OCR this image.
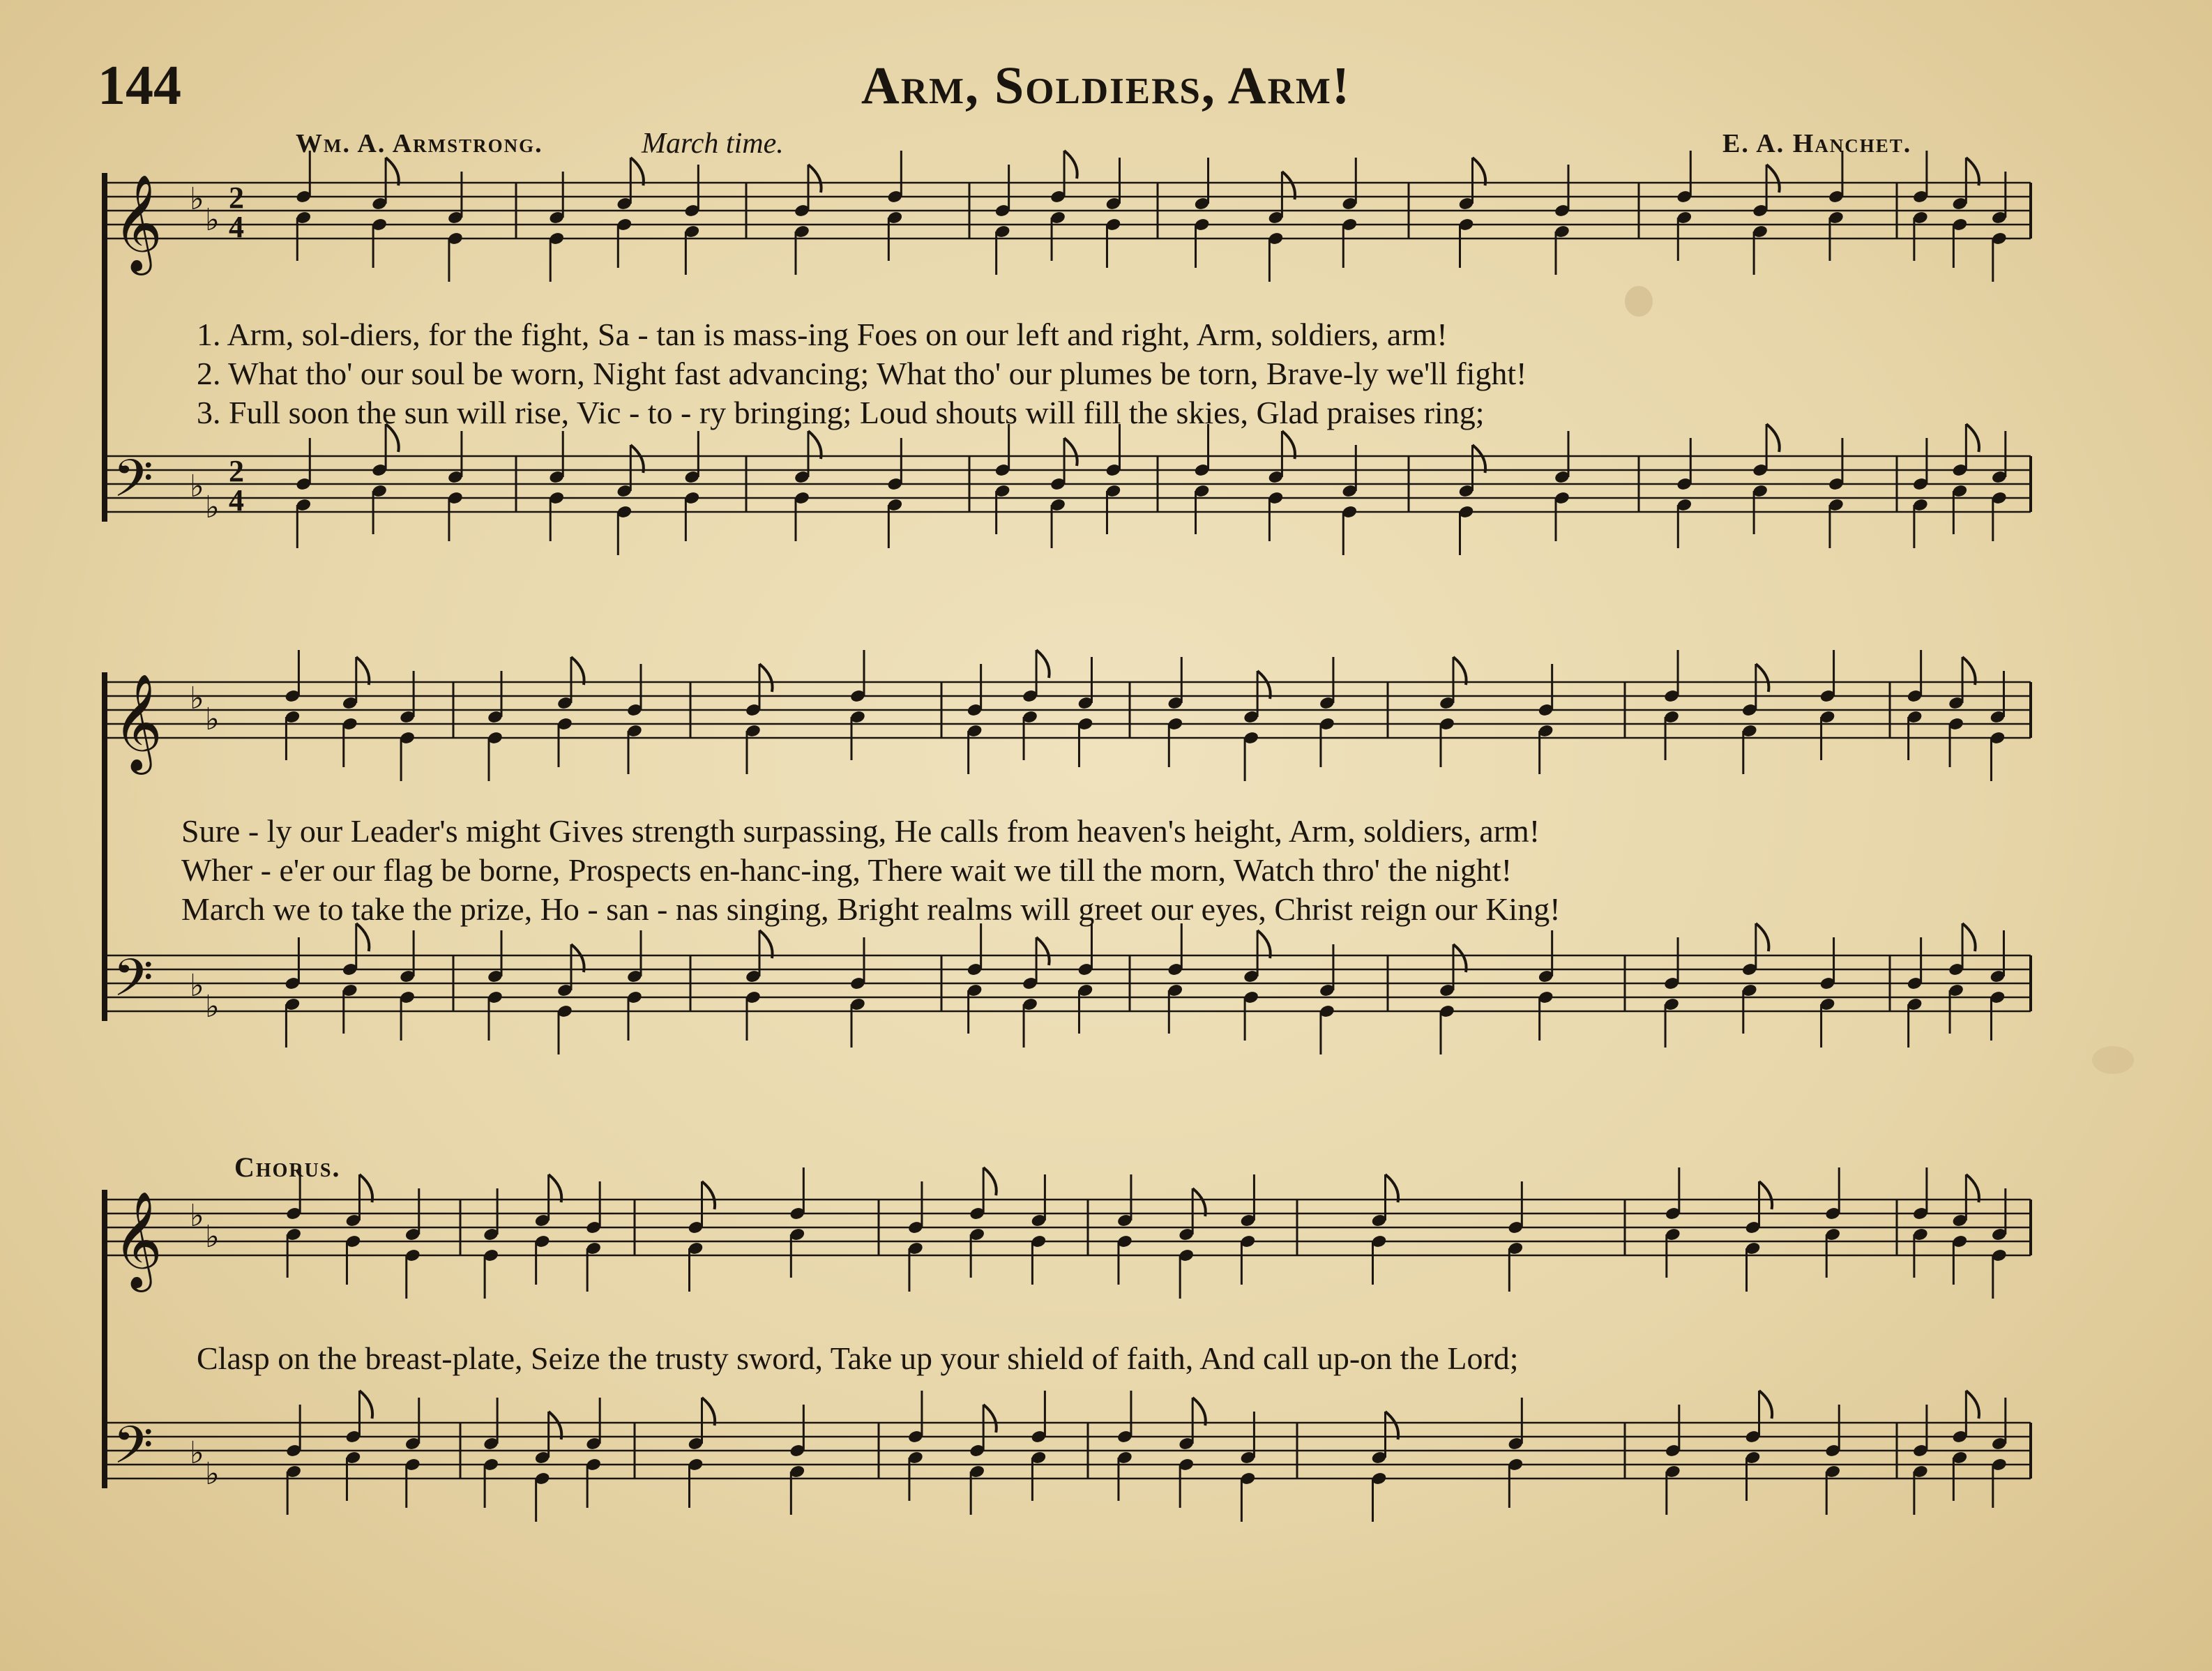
144	Arm, Soldiers, Arm!
Wm. A. Armstrong.	March time.	E. A. Hanchet.
𝄞 ♭
♭
𝄢 ♭
♭
2
4
2
4
𝄞 ♭
♭
𝄢 ♭
♭
𝄞 ♭
♭
𝄢 ♭
♭
1. Arm, sol-diers, for the fight, Sa - tan is mass-ing Foes on our left and right, Arm, soldiers, arm!
2. What tho' our soul be worn, Night fast advancing; What tho' our plumes be torn, Brave-ly we'll fight!
3. Full soon the sun will rise, Vic - to - ry bringing; Loud shouts will fill the skies, Glad praises ring;
Sure - ly our Leader's might Gives strength surpassing, He calls from heaven's height, Arm, soldiers, arm!
Wher - e'er our flag be borne, Prospects en-hanc-ing, There wait we till the morn, Watch thro' the night!
March we to take the prize, Ho - san - nas singing, Bright realms will greet our eyes, Christ reign our King!
Chorus.
Clasp on the breast-plate, Seize the trusty sword, Take up your shield of faith, And call up-on the Lord;
